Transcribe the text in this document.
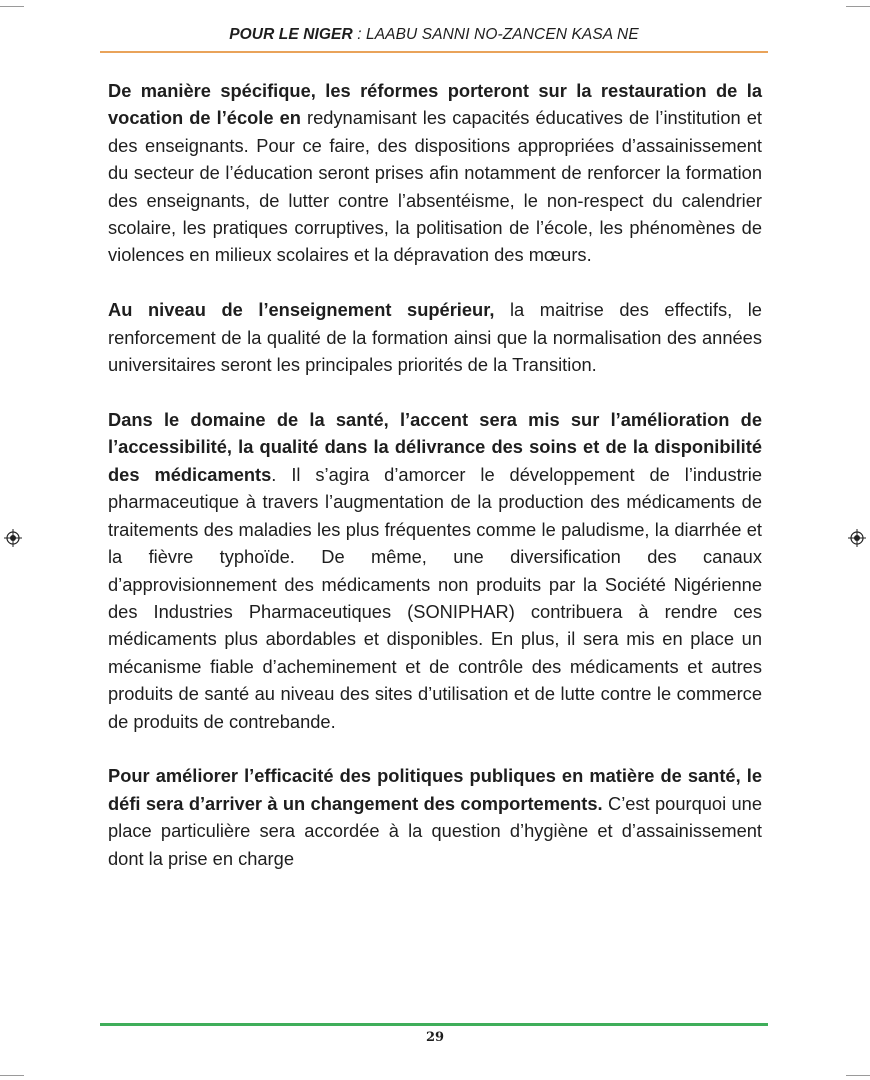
POUR LE NIGER : LAABU SANNI NO-ZANCEN KASA NE

De manière spécifique, les réformes porteront sur la restauration de la vocation de l’école en redynamisant les capacités éducatives de l’institution et des enseignants. Pour ce faire, des dispositions appropriées d’assainissement du secteur de l’éducation seront prises afin notamment de renforcer la formation des enseignants, de lutter contre l’absentéisme, le non-respect du calendrier scolaire, les pratiques corruptives, la politisation de l’école, les phénomènes de violences en milieux scolaires et la dépravation des mœurs.

Au niveau de l’enseignement supérieur, la maitrise des effectifs, le renforcement de la qualité de la formation ainsi que la normalisation des années universitaires seront les principales priorités de la Transition.

Dans le domaine de la santé, l’accent sera mis sur l’amélioration de l’accessibilité, la qualité dans la délivrance des soins et de la disponibilité des médicaments. Il s’agira d’amorcer le développement de l’industrie pharmaceutique à travers l’augmentation de la production des médicaments de traitements des maladies les plus fréquentes comme le paludisme, la diarrhée et la fièvre typhoïde. De même, une diversification des canaux d’approvisionnement des médicaments non produits par la Société Nigérienne des Industries Pharmaceutiques (SONIPHAR) contribuera à rendre ces médicaments plus abordables et disponibles. En plus, il sera mis en place un mécanisme fiable d’acheminement et de contrôle des médicaments et autres produits de santé au niveau des sites d’utilisation et de lutte contre le commerce de produits de contrebande.

Pour améliorer l’efficacité des politiques publiques en matière de santé, le défi sera d’arriver à un changement des comportements. C’est pourquoi une place particulière sera accordée à la question d’hygiène et d’assainissement dont la prise en charge

29
